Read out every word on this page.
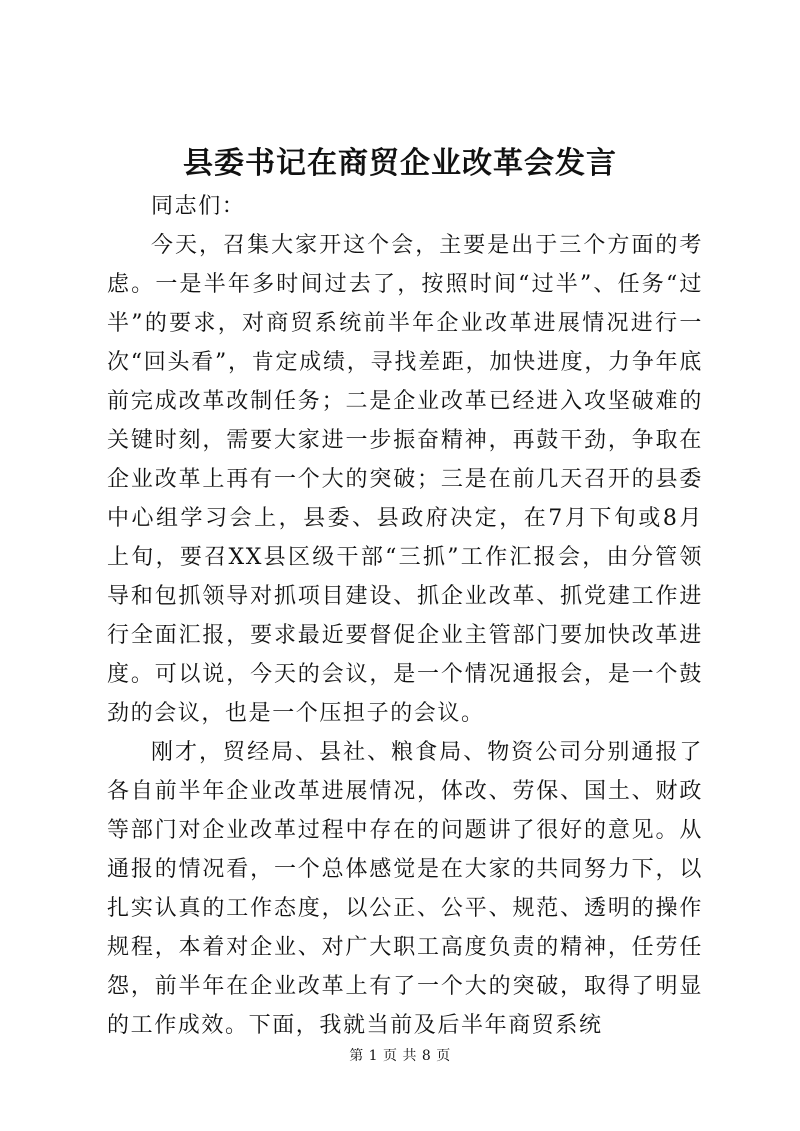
县委书记在商贸企业改革会发言

同志们：

今天，召集大家开这个会，主要是出于三个方面的考虑。一是半年多时间过去了，按照时间“过半”、任务“过半”的要求，对商贸系统前半年企业改革进展情况进行一次“回头看”，肯定成绩，寻找差距，加快进度，力争年底前完成改革改制任务；二是企业改革已经进入攻坚破难的关键时刻，需要大家进一步振奋精神，再鼓干劲，争取在企业改革上再有一个大的突破；三是在前几天召开的县委中心组学习会上，县委、县政府决定，在7月下旬或8月上旬，要召XX县区级干部“三抓”工作汇报会，由分管领导和包抓领导对抓项目建设、抓企业改革、抓党建工作进行全面汇报，要求最近要督促企业主管部门要加快改革进度。可以说，今天的会议，是一个情况通报会，是一个鼓劲的会议，也是一个压担子的会议。

刚才，贸经局、县社、粮食局、物资公司分别通报了各自前半年企业改革进展情况，体改、劳保、国土、财政等部门对企业改革过程中存在的问题讲了很好的意见。从通报的情况看，一个总体感觉是在大家的共同努力下，以扎实认真的工作态度，以公正、公平、规范、透明的操作规程，本着对企业、对广大职工高度负责的精神，任劳任怨，前半年在企业改革上有了一个大的突破，取得了明显的工作成效。下面，我就当前及后半年商贸系统

第 1 页 共 8 页
